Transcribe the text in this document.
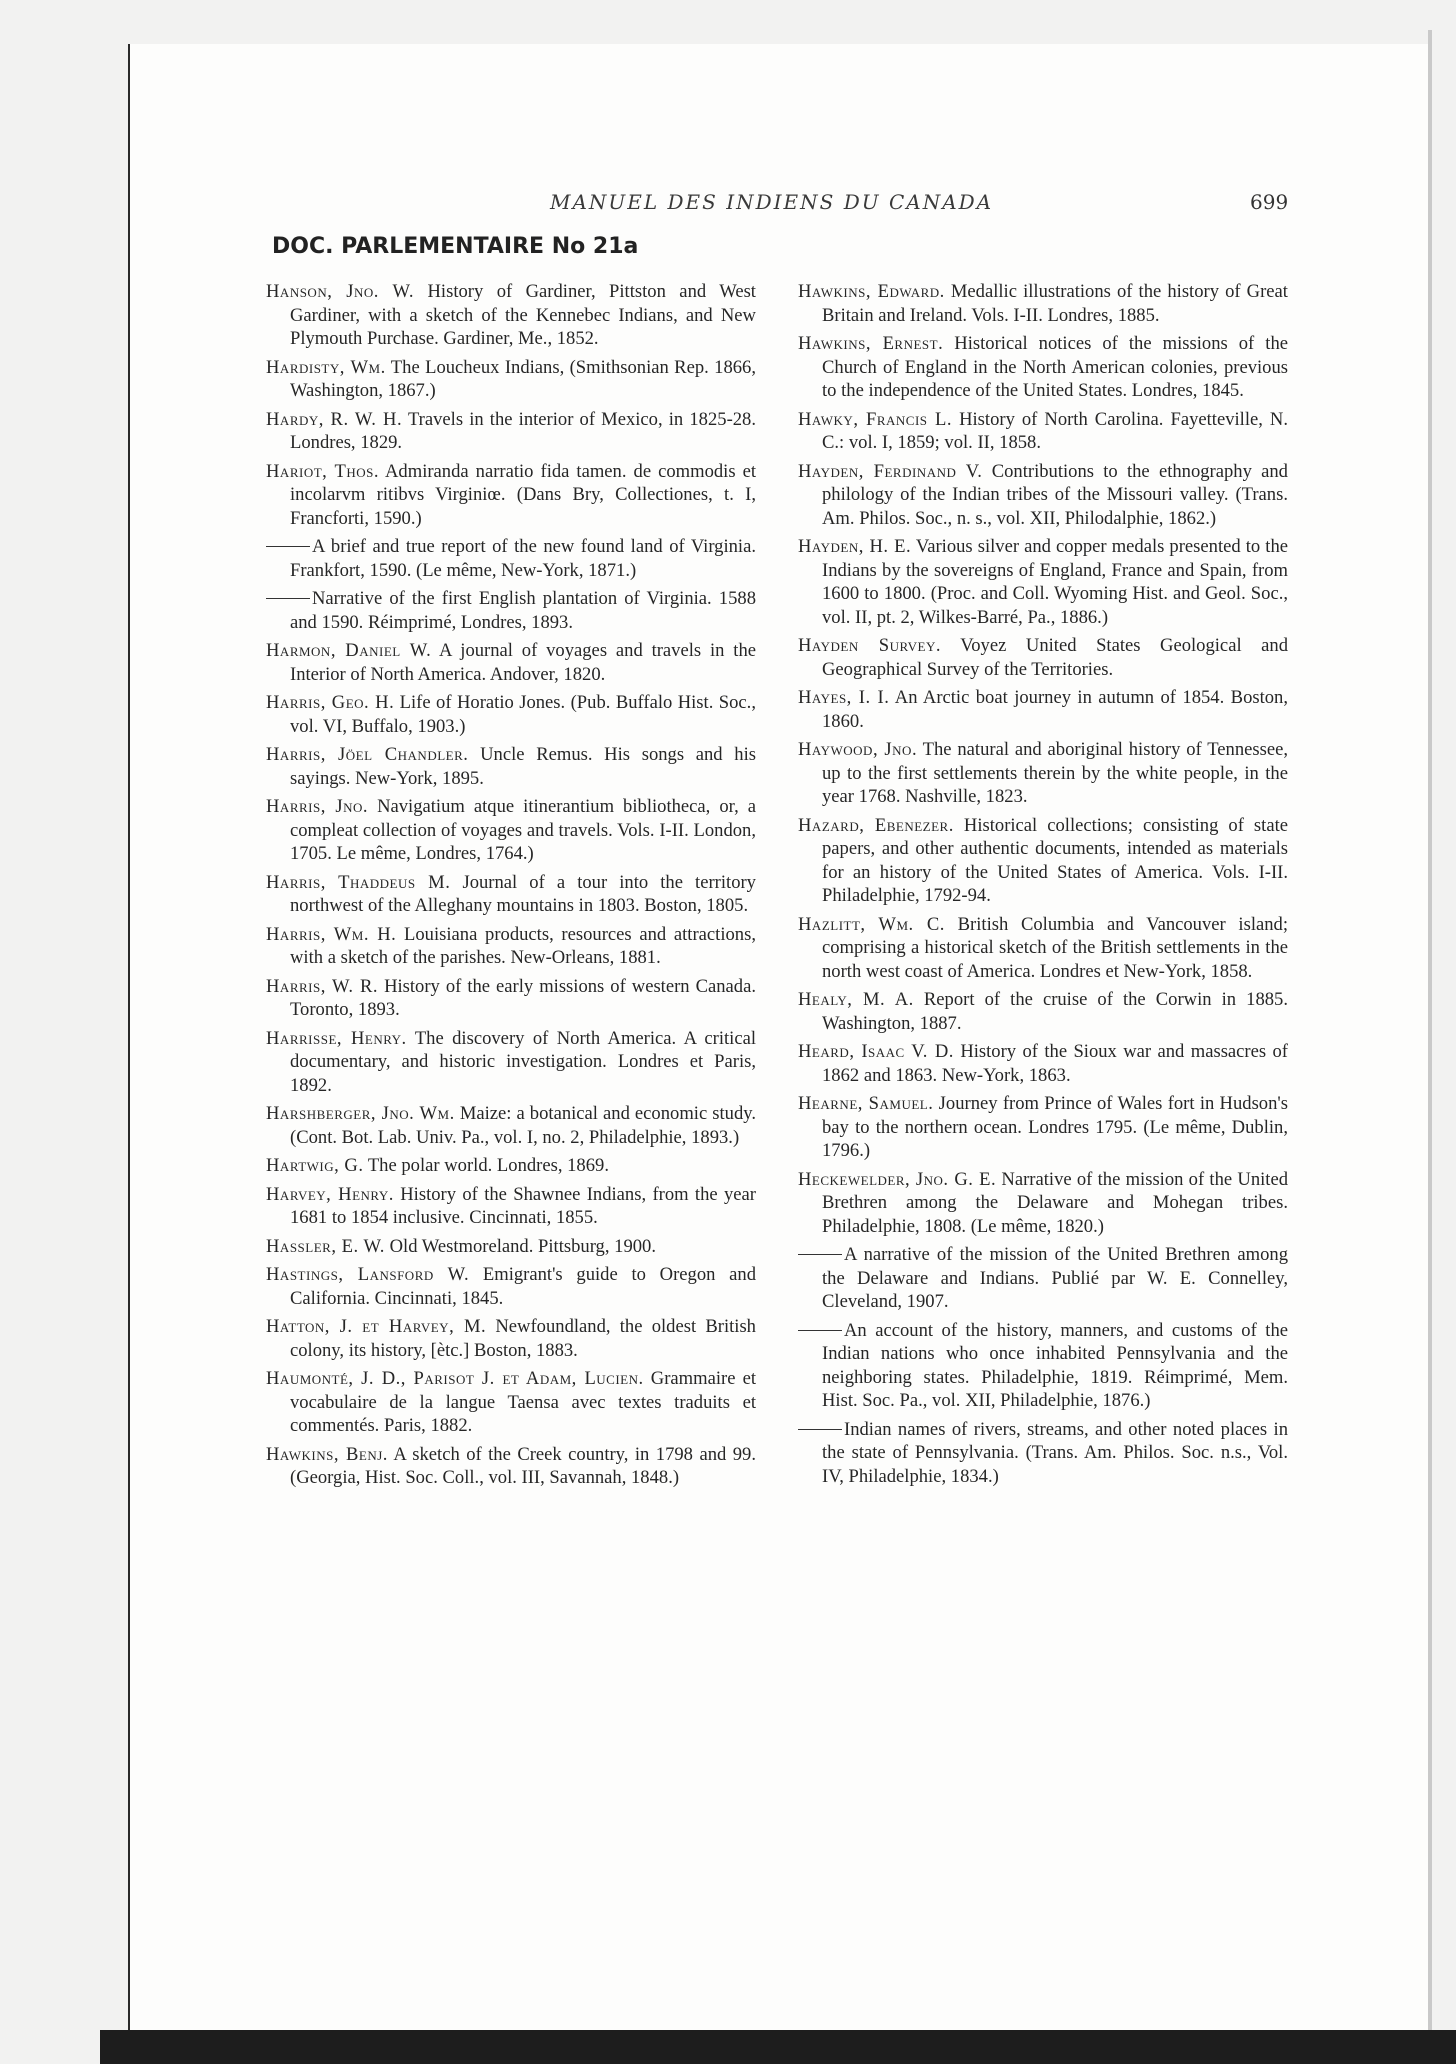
MANUEL DES INDIENS DU CANADA	699
DOC. PARLEMENTAIRE No 21a

Hanson, Jno. W. History of Gardiner, Pittston and West Gardiner, with a sketch of the Kennebec Indians, and New Plymouth Purchase. Gardiner, Me., 1852.

Hardisty, Wm. The Loucheux Indians, (Smithsonian Rep. 1866, Washington, 1867.)

Hardy, R. W. H. Travels in the interior of Mexico, in 1825-28. Londres, 1829.

Hariot, Thos. Admiranda narratio fida tamen. de commodis et incolarvm ritibvs Virginiœ. (Dans Bry, Collectiones, t. I, Francforti, 1590.)

A brief and true report of the new found land of Virginia. Frankfort, 1590. (Le même, New-York, 1871.)

Narrative of the first English plantation of Virginia. 1588 and 1590. Réimprimé, Londres, 1893.

Harmon, Daniel W. A journal of voyages and travels in the Interior of North America. Andover, 1820.

Harris, Geo. H. Life of Horatio Jones. (Pub. Buffalo Hist. Soc., vol. VI, Buffalo, 1903.)

Harris, Jöel Chandler. Uncle Remus. His songs and his sayings. New-York, 1895.

Harris, Jno. Navigatium atque itinerantium bibliotheca, or, a compleat collection of voyages and travels. Vols. I-II. London, 1705. Le même, Londres, 1764.)

Harris, Thaddeus M. Journal of a tour into the territory northwest of the Alleghany mountains in 1803. Boston, 1805.

Harris, Wm. H. Louisiana products, resources and attractions, with a sketch of the parishes. New-Orleans, 1881.

Harris, W. R. History of the early missions of western Canada. Toronto, 1893.

Harrisse, Henry. The discovery of North America. A critical documentary, and historic investigation. Londres et Paris, 1892.

Harshberger, Jno. Wm. Maize: a botanical and economic study. (Cont. Bot. Lab. Univ. Pa., vol. I, no. 2, Philadelphie, 1893.)

Hartwig, G. The polar world. Londres, 1869.

Harvey, Henry. History of the Shawnee Indians, from the year 1681 to 1854 inclusive. Cincinnati, 1855.

Hassler, E. W. Old Westmoreland. Pittsburg, 1900.

Hastings, Lansford W. Emigrant's guide to Oregon and California. Cincinnati, 1845.

Hatton, J. et Harvey, M. Newfoundland, the oldest British colony, its history, [ètc.] Boston, 1883.

Haumonté, J. D., Parisot J. et Adam, Lucien. Grammaire et vocabulaire de la langue Taensa avec textes traduits et commentés. Paris, 1882.

Hawkins, Benj. A sketch of the Creek country, in 1798 and 99. (Georgia, Hist. Soc. Coll., vol. III, Savannah, 1848.)

Hawkins, Edward. Medallic illustrations of the history of Great Britain and Ireland. Vols. I-II. Londres, 1885.

Hawkins, Ernest. Historical notices of the missions of the Church of England in the North American colonies, previous to the independence of the United States. Londres, 1845.

Hawky, Francis L. History of North Carolina. Fayetteville, N. C.: vol. I, 1859; vol. II, 1858.

Hayden, Ferdinand V. Contributions to the ethnography and philology of the Indian tribes of the Missouri valley. (Trans. Am. Philos. Soc., n. s., vol. XII, Philodalphie, 1862.)

Hayden, H. E. Various silver and copper medals presented to the Indians by the sovereigns of England, France and Spain, from 1600 to 1800. (Proc. and Coll. Wyoming Hist. and Geol. Soc., vol. II, pt. 2, Wilkes-Barré, Pa., 1886.)

Hayden Survey. Voyez United States Geological and Geographical Survey of the Territories.

Hayes, I. I. An Arctic boat journey in autumn of 1854. Boston, 1860.

Haywood, Jno. The natural and aboriginal history of Tennessee, up to the first settlements therein by the white people, in the year 1768. Nashville, 1823.

Hazard, Ebenezer. Historical collections; consisting of state papers, and other authentic documents, intended as materials for an history of the United States of America. Vols. I-II. Philadelphie, 1792-94.

Hazlitt, Wm. C. British Columbia and Vancouver island; comprising a historical sketch of the British settlements in the north west coast of America. Londres et New-York, 1858.

Healy, M. A. Report of the cruise of the Corwin in 1885. Washington, 1887.

Heard, Isaac V. D. History of the Sioux war and massacres of 1862 and 1863. New-York, 1863.

Hearne, Samuel. Journey from Prince of Wales fort in Hudson's bay to the northern ocean. Londres 1795. (Le même, Dublin, 1796.)

Heckewelder, Jno. G. E. Narrative of the mission of the United Brethren among the Delaware and Mohegan tribes. Philadelphie, 1808. (Le même, 1820.)

A narrative of the mission of the United Brethren among the Delaware and Indians. Publié par W. E. Connelley, Cleveland, 1907.

An account of the history, manners, and customs of the Indian nations who once inhabited Pennsylvania and the neighboring states. Philadelphie, 1819. Réimprimé, Mem. Hist. Soc. Pa., vol. XII, Philadelphie, 1876.)

Indian names of rivers, streams, and other noted places in the state of Pennsylvania. (Trans. Am. Philos. Soc. n.s., Vol. IV, Philadelphie, 1834.)
